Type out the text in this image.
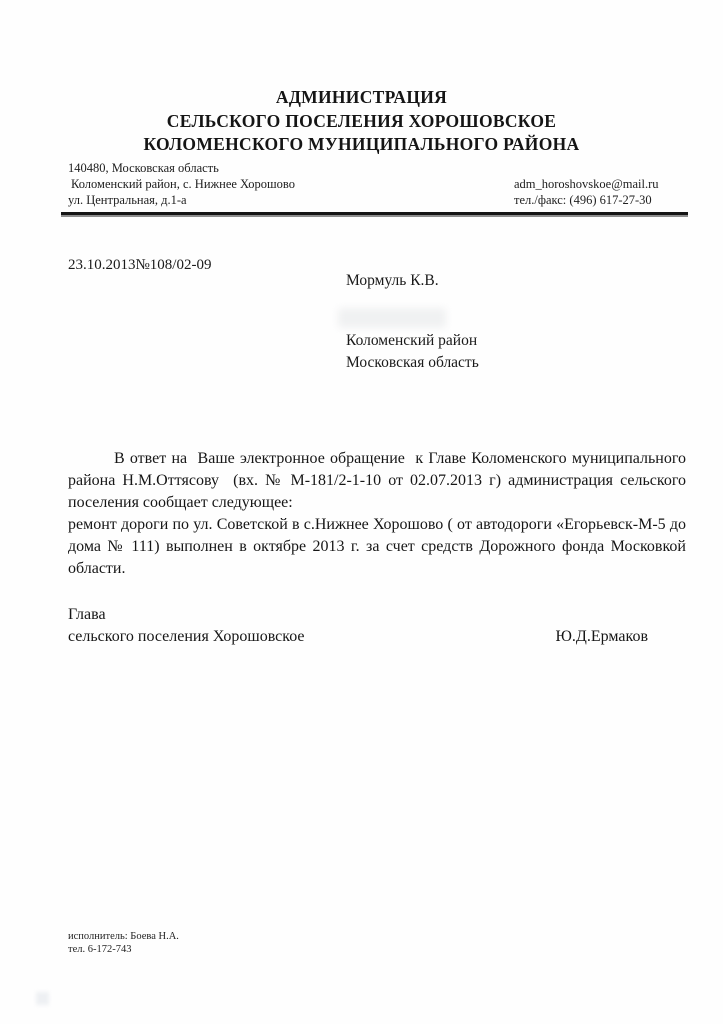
АДМИНИСТРАЦИЯ
СЕЛЬСКОГО ПОСЕЛЕНИЯ ХОРОШОВСКОЕ
КОЛОМЕНСКОГО МУНИЦИПАЛЬНОГО РАЙОНА
140480, Московская область
Коломенский район, с. Нижнее Хорошово
ул. Центральная, д.1-а
adm_horoshovskoe@mail.ru
тел./факс: (496) 617-27-30
23.10.2013№108/02-09
Мормуль К.В.
Коломенский район
Московская область

В ответ на  Ваше электронное обращение  к Главе Коломенского муниципального района Н.М.Оттясову  (вх. № М-181/2-1-10 от 02.07.2013 г) администрация сельского поселения сообщает следующее:

ремонт дороги по ул. Советской в с.Нижнее Хорошово ( от автодороги «Егорьевск-М-5 до дома № 111) выполнен в октябре 2013 г. за счет средств Дорожного фонда Московкой области.

Глава
сельского поселения Хорошовское	Ю.Д.Ермаков
исполнитель: Боева Н.А.
тел. 6-172-743
